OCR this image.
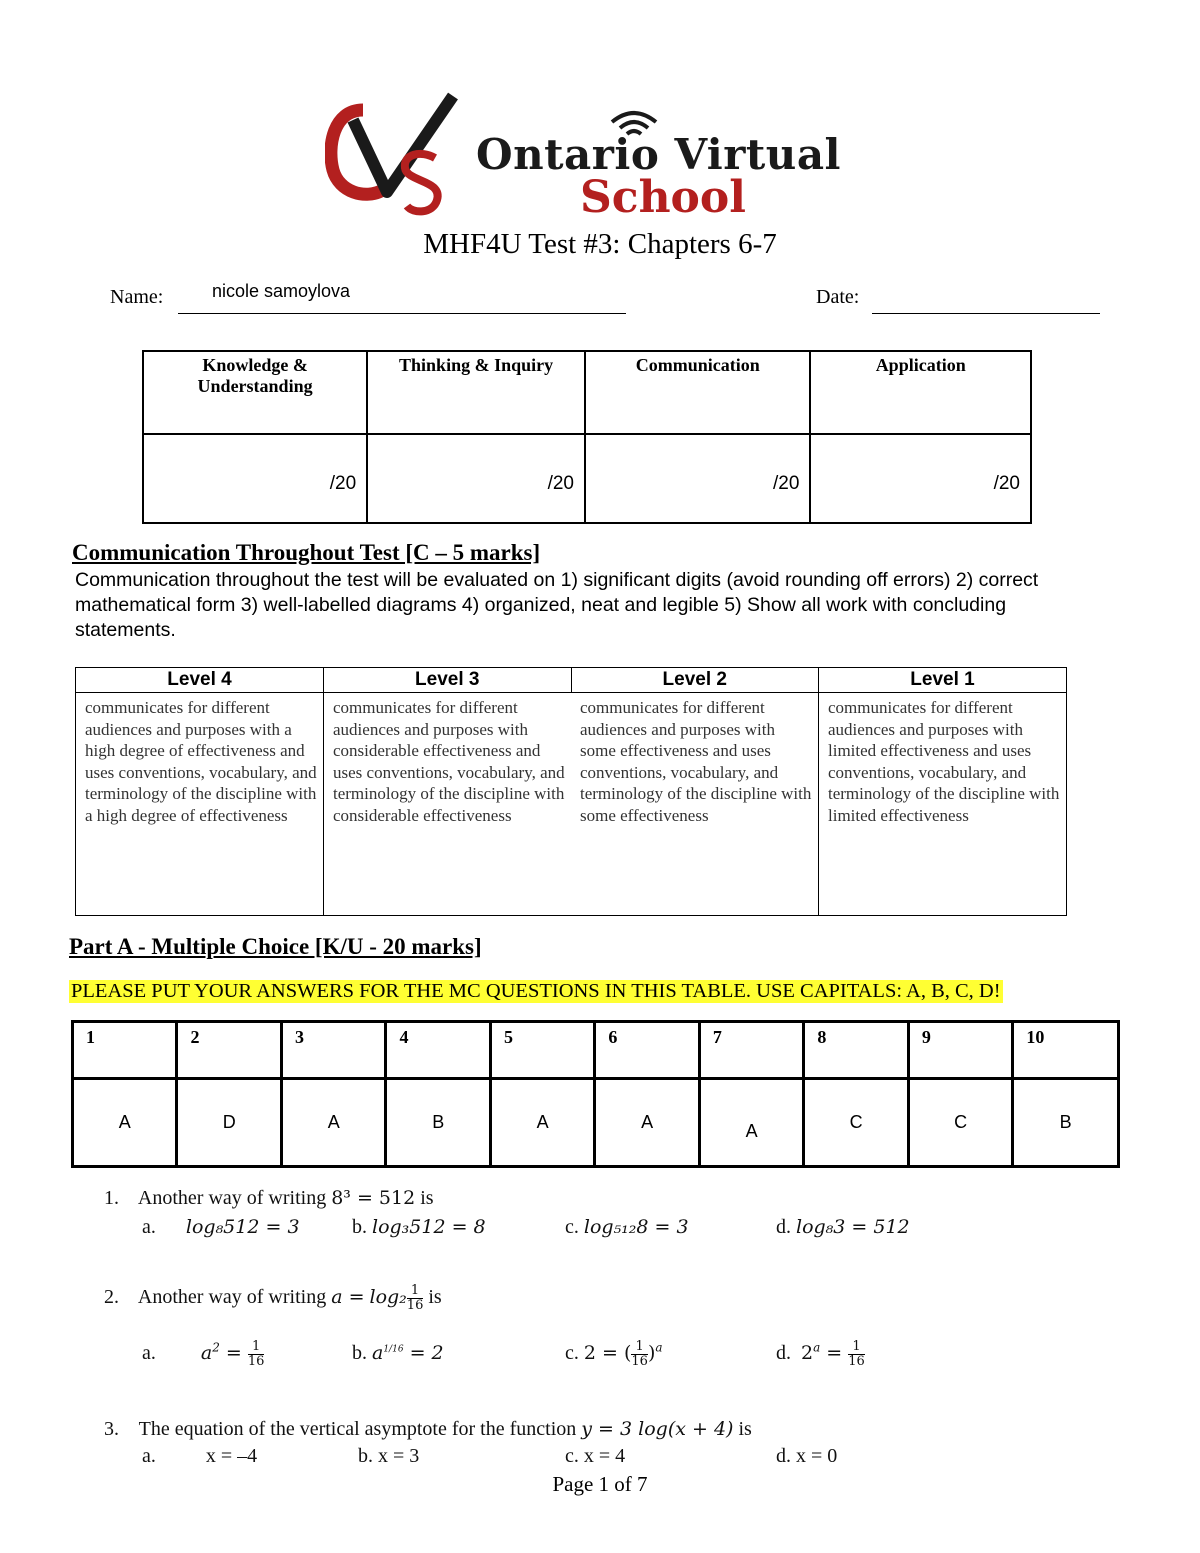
Ontario Virtual
School
MHF4U Test #3: Chapters 6-7
Name:	nicole samoylova	Date:
Knowledge & Understanding	Thinking & Inquiry	Communication	Application
/20	/20	/20	/20
Communication Throughout Test [C – 5 marks]
Communication throughout the test will be evaluated on 1) significant digits (avoid rounding off errors) 2) correct mathematical form 3) well-labelled diagrams 4) organized, neat and legible 5) Show all work with concluding statements.
Level 4	Level 3	Level 2	Level 1
communicates for different audiences and purposes with a high degree of effectiveness and uses conventions, vocabulary, and terminology of the discipline with a high degree of effectiveness	communicates for different audiences and purposes with considerable effectiveness and uses conventions, vocabulary, and terminology of the discipline with considerable effectiveness	communicates for different audiences and purposes with some effectiveness and uses conventions, vocabulary, and terminology of the discipline with some effectiveness	communicates for different audiences and purposes with limited effectiveness and uses conventions, vocabulary, and terminology of the discipline with limited effectiveness
Part A - Multiple Choice [K/U - 20 marks]
PLEASE PUT YOUR ANSWERS FOR THE MC QUESTIONS IN THIS TABLE. USE CAPITALS: A, B, C, D!
1	2	3	4	5	6	7	8	9	10
A	D	A	B	A	A	A	C	C	B
1. Another way of writing 8³ = 512 is
a. log₈512 = 3	b. log₃512 = 8	c. log₅₁₂8 = 3	d. log₈3 = 512
2. Another way of writing $a = \log_2 \frac{1}{16}$ is
a. $a^2 = \frac{1}{16}$	b. $a^{1/16} = 2$	c. 2 = ( $\frac{1}{16} )^a$	d. $2^a = \frac{1}{16}$
3. The equation of the vertical asymptote for the function y = 3 log(x + 4) is
a.	x = –4	b. x = 3	c. x = 4	d. x = 0
Page 1 of 7
